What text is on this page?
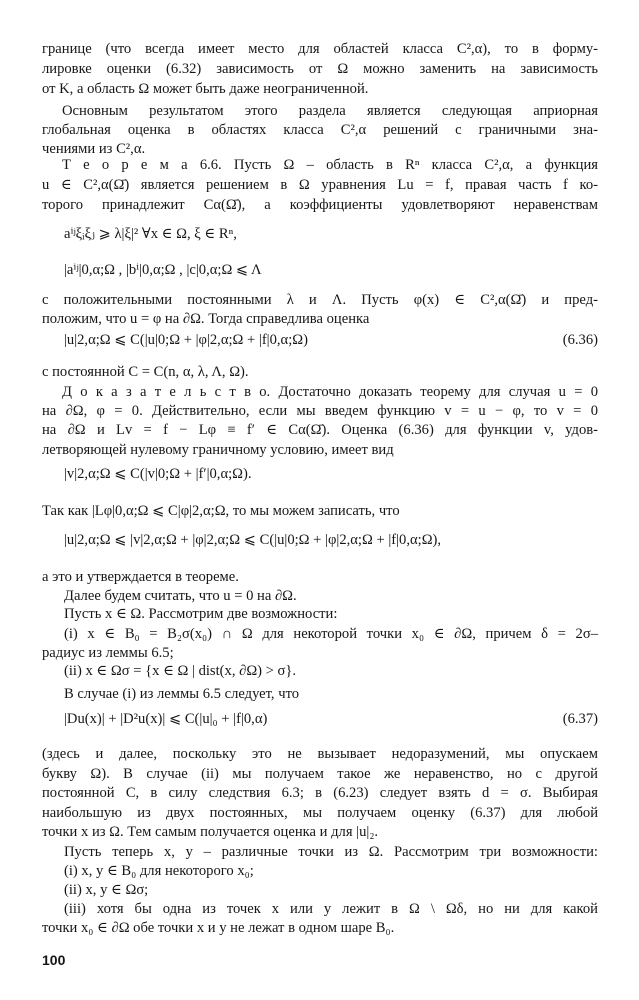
границе (что всегда имеет место для областей класса C²,α), то в форму-

лировке оценки (6.32) зависимость от Ω можно заменить на зависимость

от K, а область Ω может быть даже неограниченной.

Основным результатом этого раздела является следующая априорная

глобальная оценка в областях класса C²,α решений с граничными зна-

чениями из C²,α.

Т е о р е м а 6.6. Пусть Ω – область в Rⁿ класса C²,α, а функция

u ∈ C²,α(Ω̄) является решением в Ω уравнения Lu = f, правая часть f ко-

торого принадлежит Cα(Ω̄), а коэффициенты удовлетворяют неравенствам

aⁱʲξᵢξⱼ ⩾ λ|ξ|² ∀x ∈ Ω, ξ ∈ Rⁿ,

|aⁱʲ|0,α;Ω , |bⁱ|0,α;Ω , |c|0,α;Ω ⩽ Λ

с положительными постоянными λ и Λ. Пусть φ(x) ∈ C²,α(Ω̄) и пред-

положим, что u = φ на ∂Ω. Тогда справедлива оценка

|u|2,α;Ω ⩽ C(|u|0;Ω + |φ|2,α;Ω + |f|0,α;Ω)	(6.36)

с постоянной C = C(n, α, λ, Λ, Ω).

Д о к а з а т е л ь с т в о. Достаточно доказать теорему для случая u = 0

на ∂Ω, φ = 0. Действительно, если мы введем функцию v = u − φ, то v = 0

на ∂Ω и Lv = f − Lφ ≡ f′ ∈ Cα(Ω̄). Оценка (6.36) для функции v, удов-

летворяющей нулевому граничному условию, имеет вид

|v|2,α;Ω ⩽ C(|v|0;Ω + |f′|0,α;Ω).

Так как |Lφ|0,α;Ω ⩽ C|φ|2,α;Ω, то мы можем записать, что

|u|2,α;Ω ⩽ |v|2,α;Ω + |φ|2,α;Ω ⩽ C(|u|0;Ω + |φ|2,α;Ω + |f|0,α;Ω),

а это и утверждается в теореме.

Далее будем считать, что u = 0 на ∂Ω.

Пусть x ∈ Ω. Рассмотрим две возможности:

(i) x ∈ B₀ = B₂σ(x₀) ∩ Ω для некоторой точки x₀ ∈ ∂Ω, причем δ = 2σ–

радиус из леммы 6.5;

(ii) x ∈ Ωσ = {x ∈ Ω | dist(x, ∂Ω) > σ}.

В случае (i) из леммы 6.5 следует, что

|Du(x)| + |D²u(x)| ⩽ C(|u|₀ + |f|0,α)	(6.37)

(здесь и далее, поскольку это не вызывает недоразумений, мы опускаем

букву Ω). В случае (ii) мы получаем такое же неравенство, но с другой

постоянной C, в силу следствия 6.3; в (6.23) следует взять d = σ. Выбирая

наибольшую из двух постоянных, мы получаем оценку (6.37) для любой

точки x из Ω. Тем самым получается оценка и для |u|₂.

Пусть теперь x, y – различные точки из Ω. Рассмотрим три возможности:

(i) x, y ∈ B₀ для некоторого x₀;

(ii) x, y ∈ Ωσ;

(iii) хотя бы одна из точек x или y лежит в Ω \ Ωδ, но ни для какой

точки x₀ ∈ ∂Ω обе точки x и y не лежат в одном шаре B₀.

100
